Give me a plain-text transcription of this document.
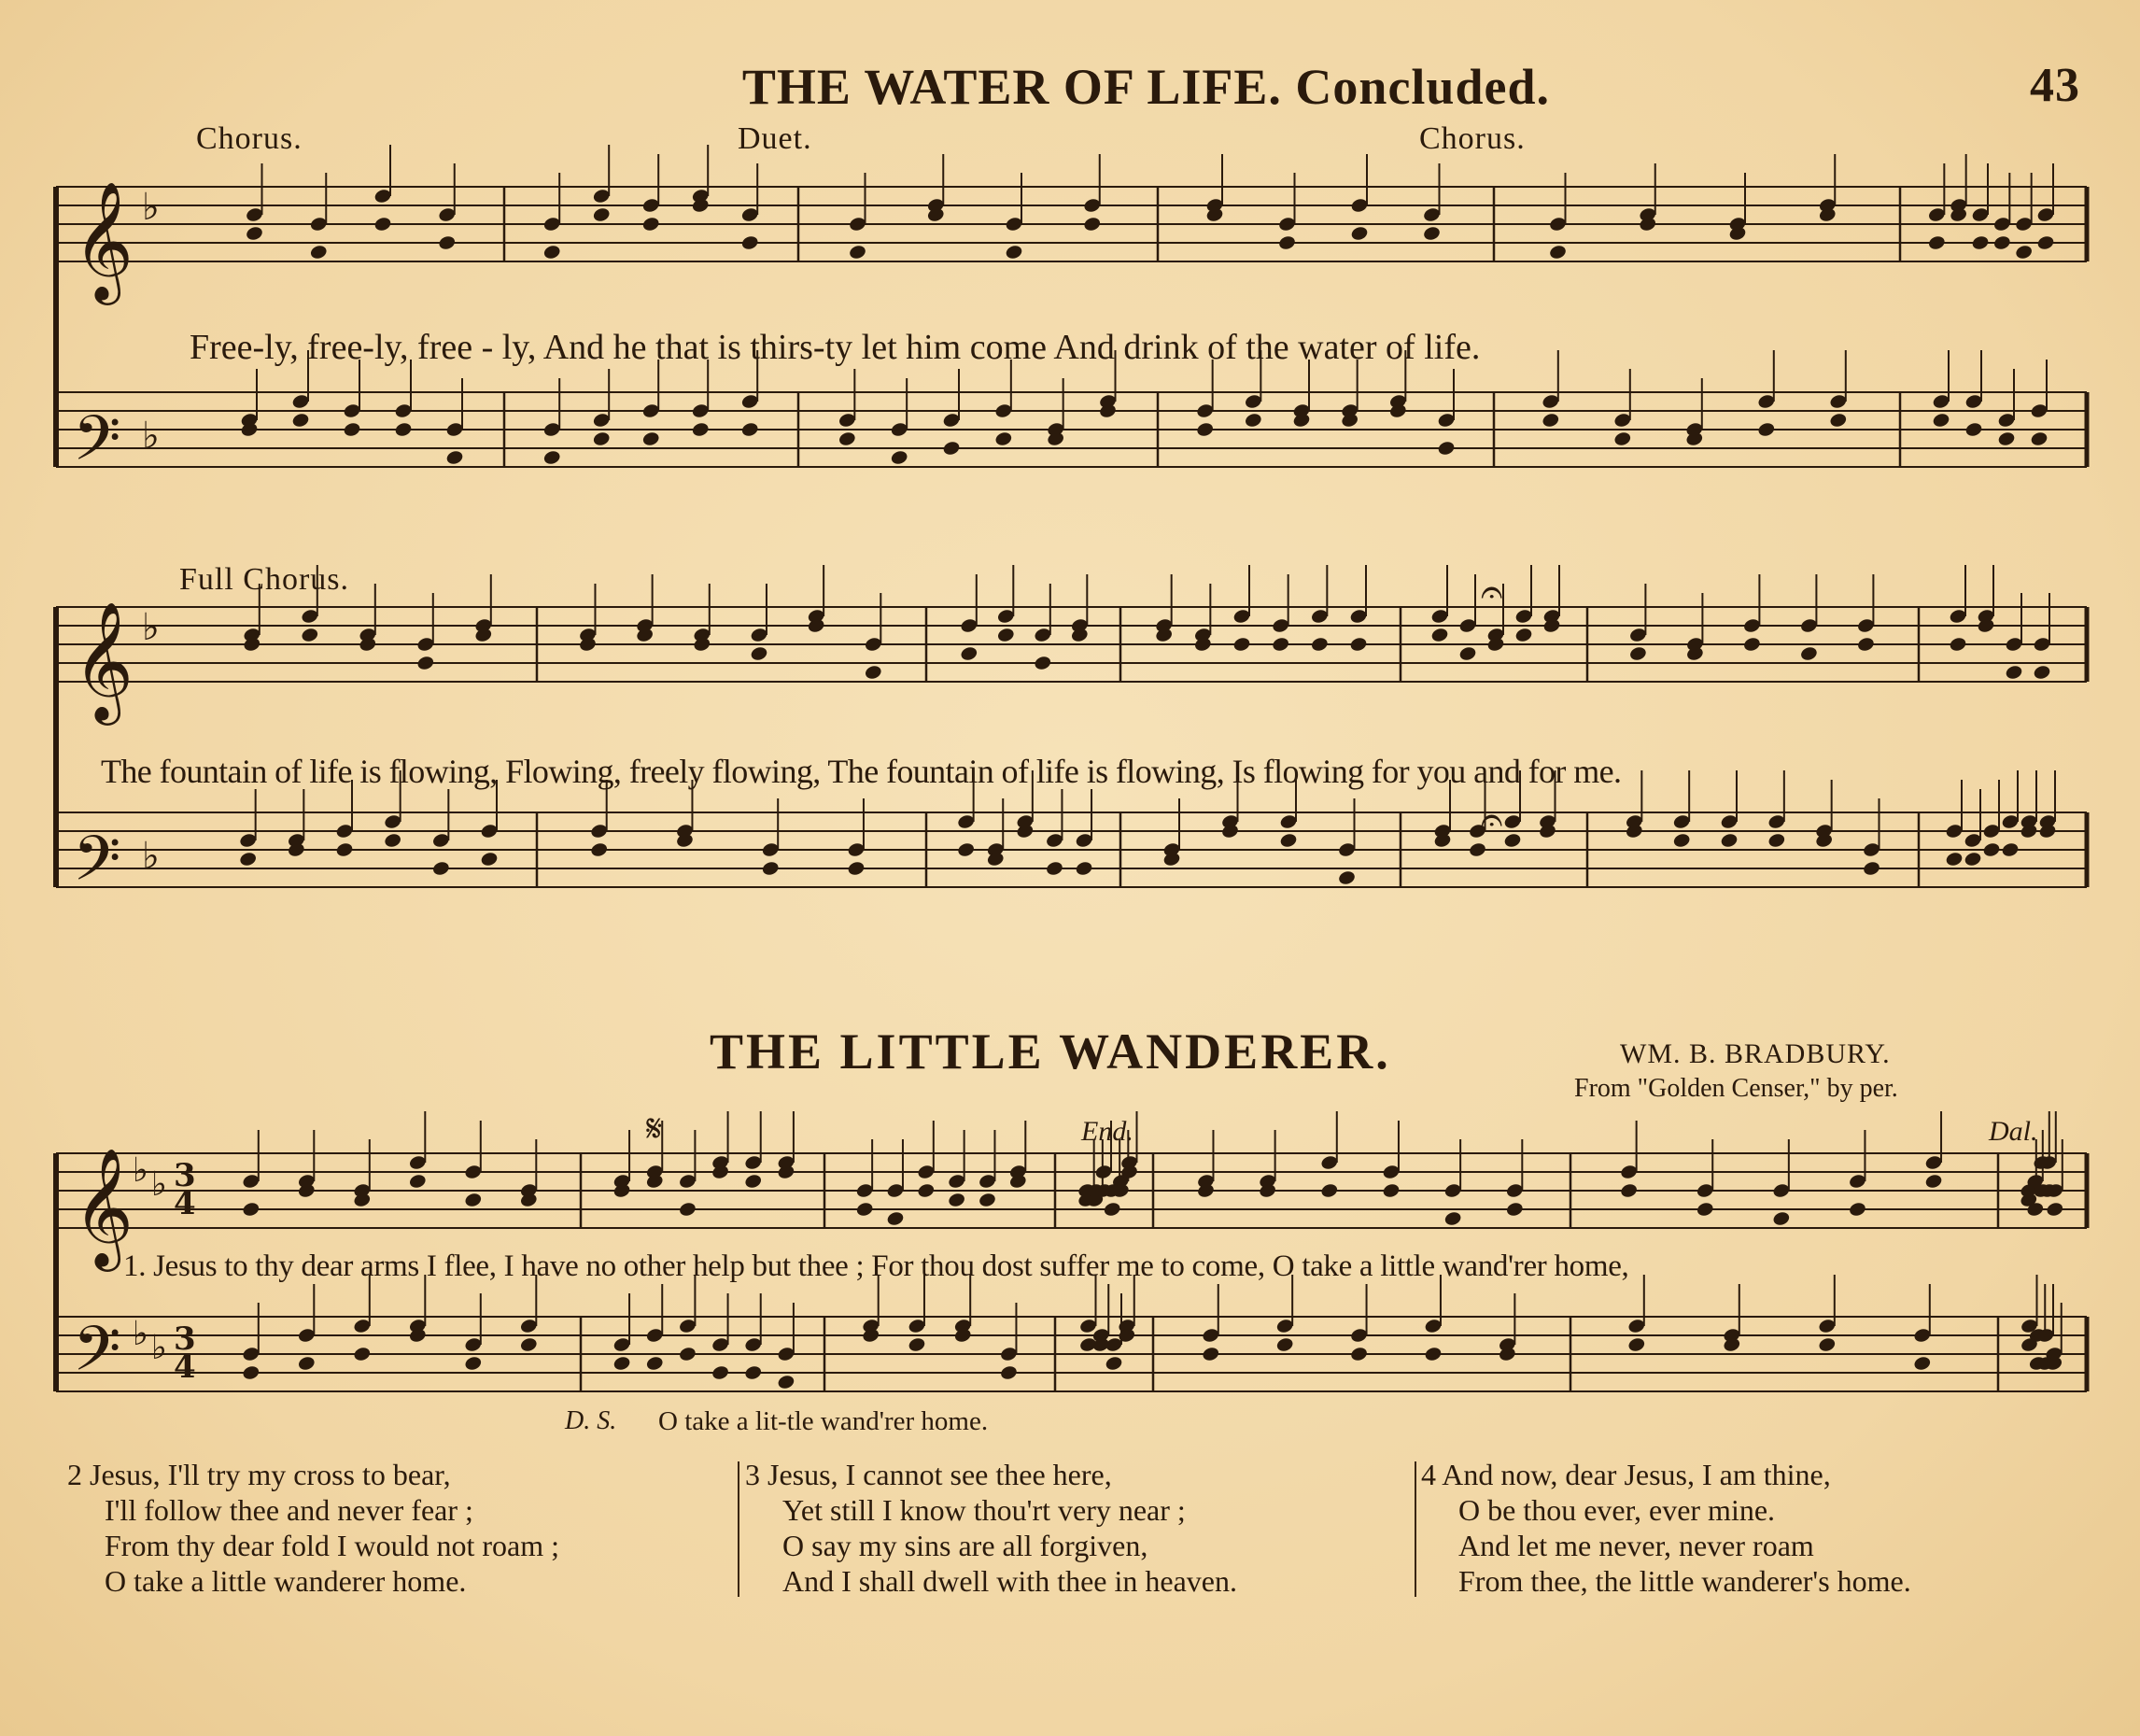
THE WATER OF LIFE. Concluded.	43
Chorus.	Duet.	Chorus.
𝄞
𝄢
𝄞
𝄢
𝄞
𝄢
♭
♭
♭
♭
♭ ♭
♭ ♭
3
4
3
4
𝄐
𝄐
𝄋
Free-ly, free-ly, free - ly, And he that is thirs-ty let him come And drink of the water of life.
Full Chorus.
The fountain of life is flowing, Flowing, freely flowing, The fountain of life is flowing, Is flowing for you and for me.
THE LITTLE WANDERER.	WM. B. BRADBURY.
From "Golden Censer," by per.
End.	Dal.
1. Jesus to thy dear arms I flee, I have no other help but thee ; For thou dost suffer me to come, O take a little wand'rer home,
D. S. O take a lit-tle wand'rer home.
2 Jesus, I'll try my cross to bear,
I'll follow thee and never fear ;
From thy dear fold I would not roam ;
O take a little wanderer home.
3 Jesus, I cannot see thee here,
Yet still I know thou'rt very near ;
O say my sins are all forgiven,
And I shall dwell with thee in heaven.
4 And now, dear Jesus, I am thine,
O be thou ever, ever mine.
And let me never, never roam
From thee, the little wanderer's home.
